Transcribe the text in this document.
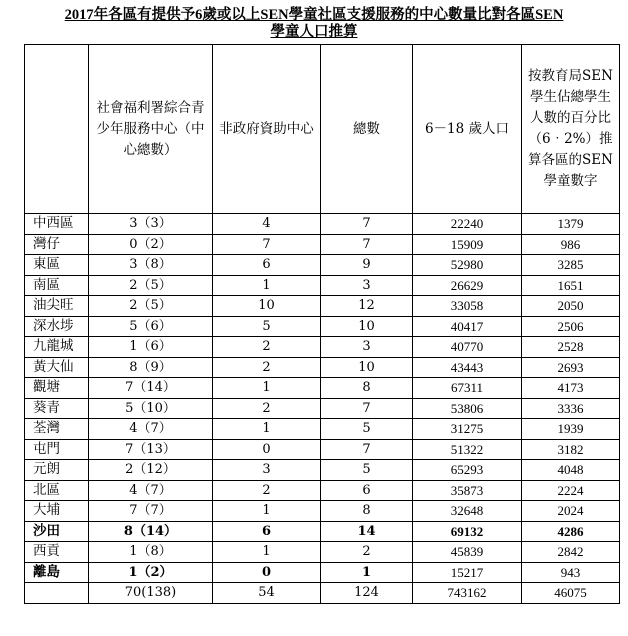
2017年各區有提供予6歲或以上SEN學童社區支援服務的中心數量比對各區SEN
學童人口推算
	社會福利署綜合青少年服務中心（中心總數）	非政府資助中心	總數	6－18 歲人口	按教育局SEN 學生佔總學生人數的百分比（6‧2%）推算各區的SEN 學童數字
中西區	3（3）	4	7	22240	1379
灣仔	0（2）	7	7	15909	986
東區	3（8）	6	9	52980	3285
南區	2（5）	1	3	26629	1651
油尖旺	2（5）	10	12	33058	2050
深水埗	5（6）	5	10	40417	2506
九龍城	1（6）	2	3	40770	2528
黃大仙	8（9）	2	10	43443	2693
觀塘	7（14）	1	8	67311	4173
葵青	5（10）	2	7	53806	3336
荃灣	4（7）	1	5	31275	1939
屯門	7（13）	0	7	51322	3182
元朗	2（12）	3	5	65293	4048
北區	4（7）	2	6	35873	2224
大埔	7（7）	1	8	32648	2024
沙田	8（14）	6	14	69132	4286
西貢	1（8）	1	2	45839	2842
離島	1（2）	0	1	15217	943
	70(138)	54	124	743162	46075
